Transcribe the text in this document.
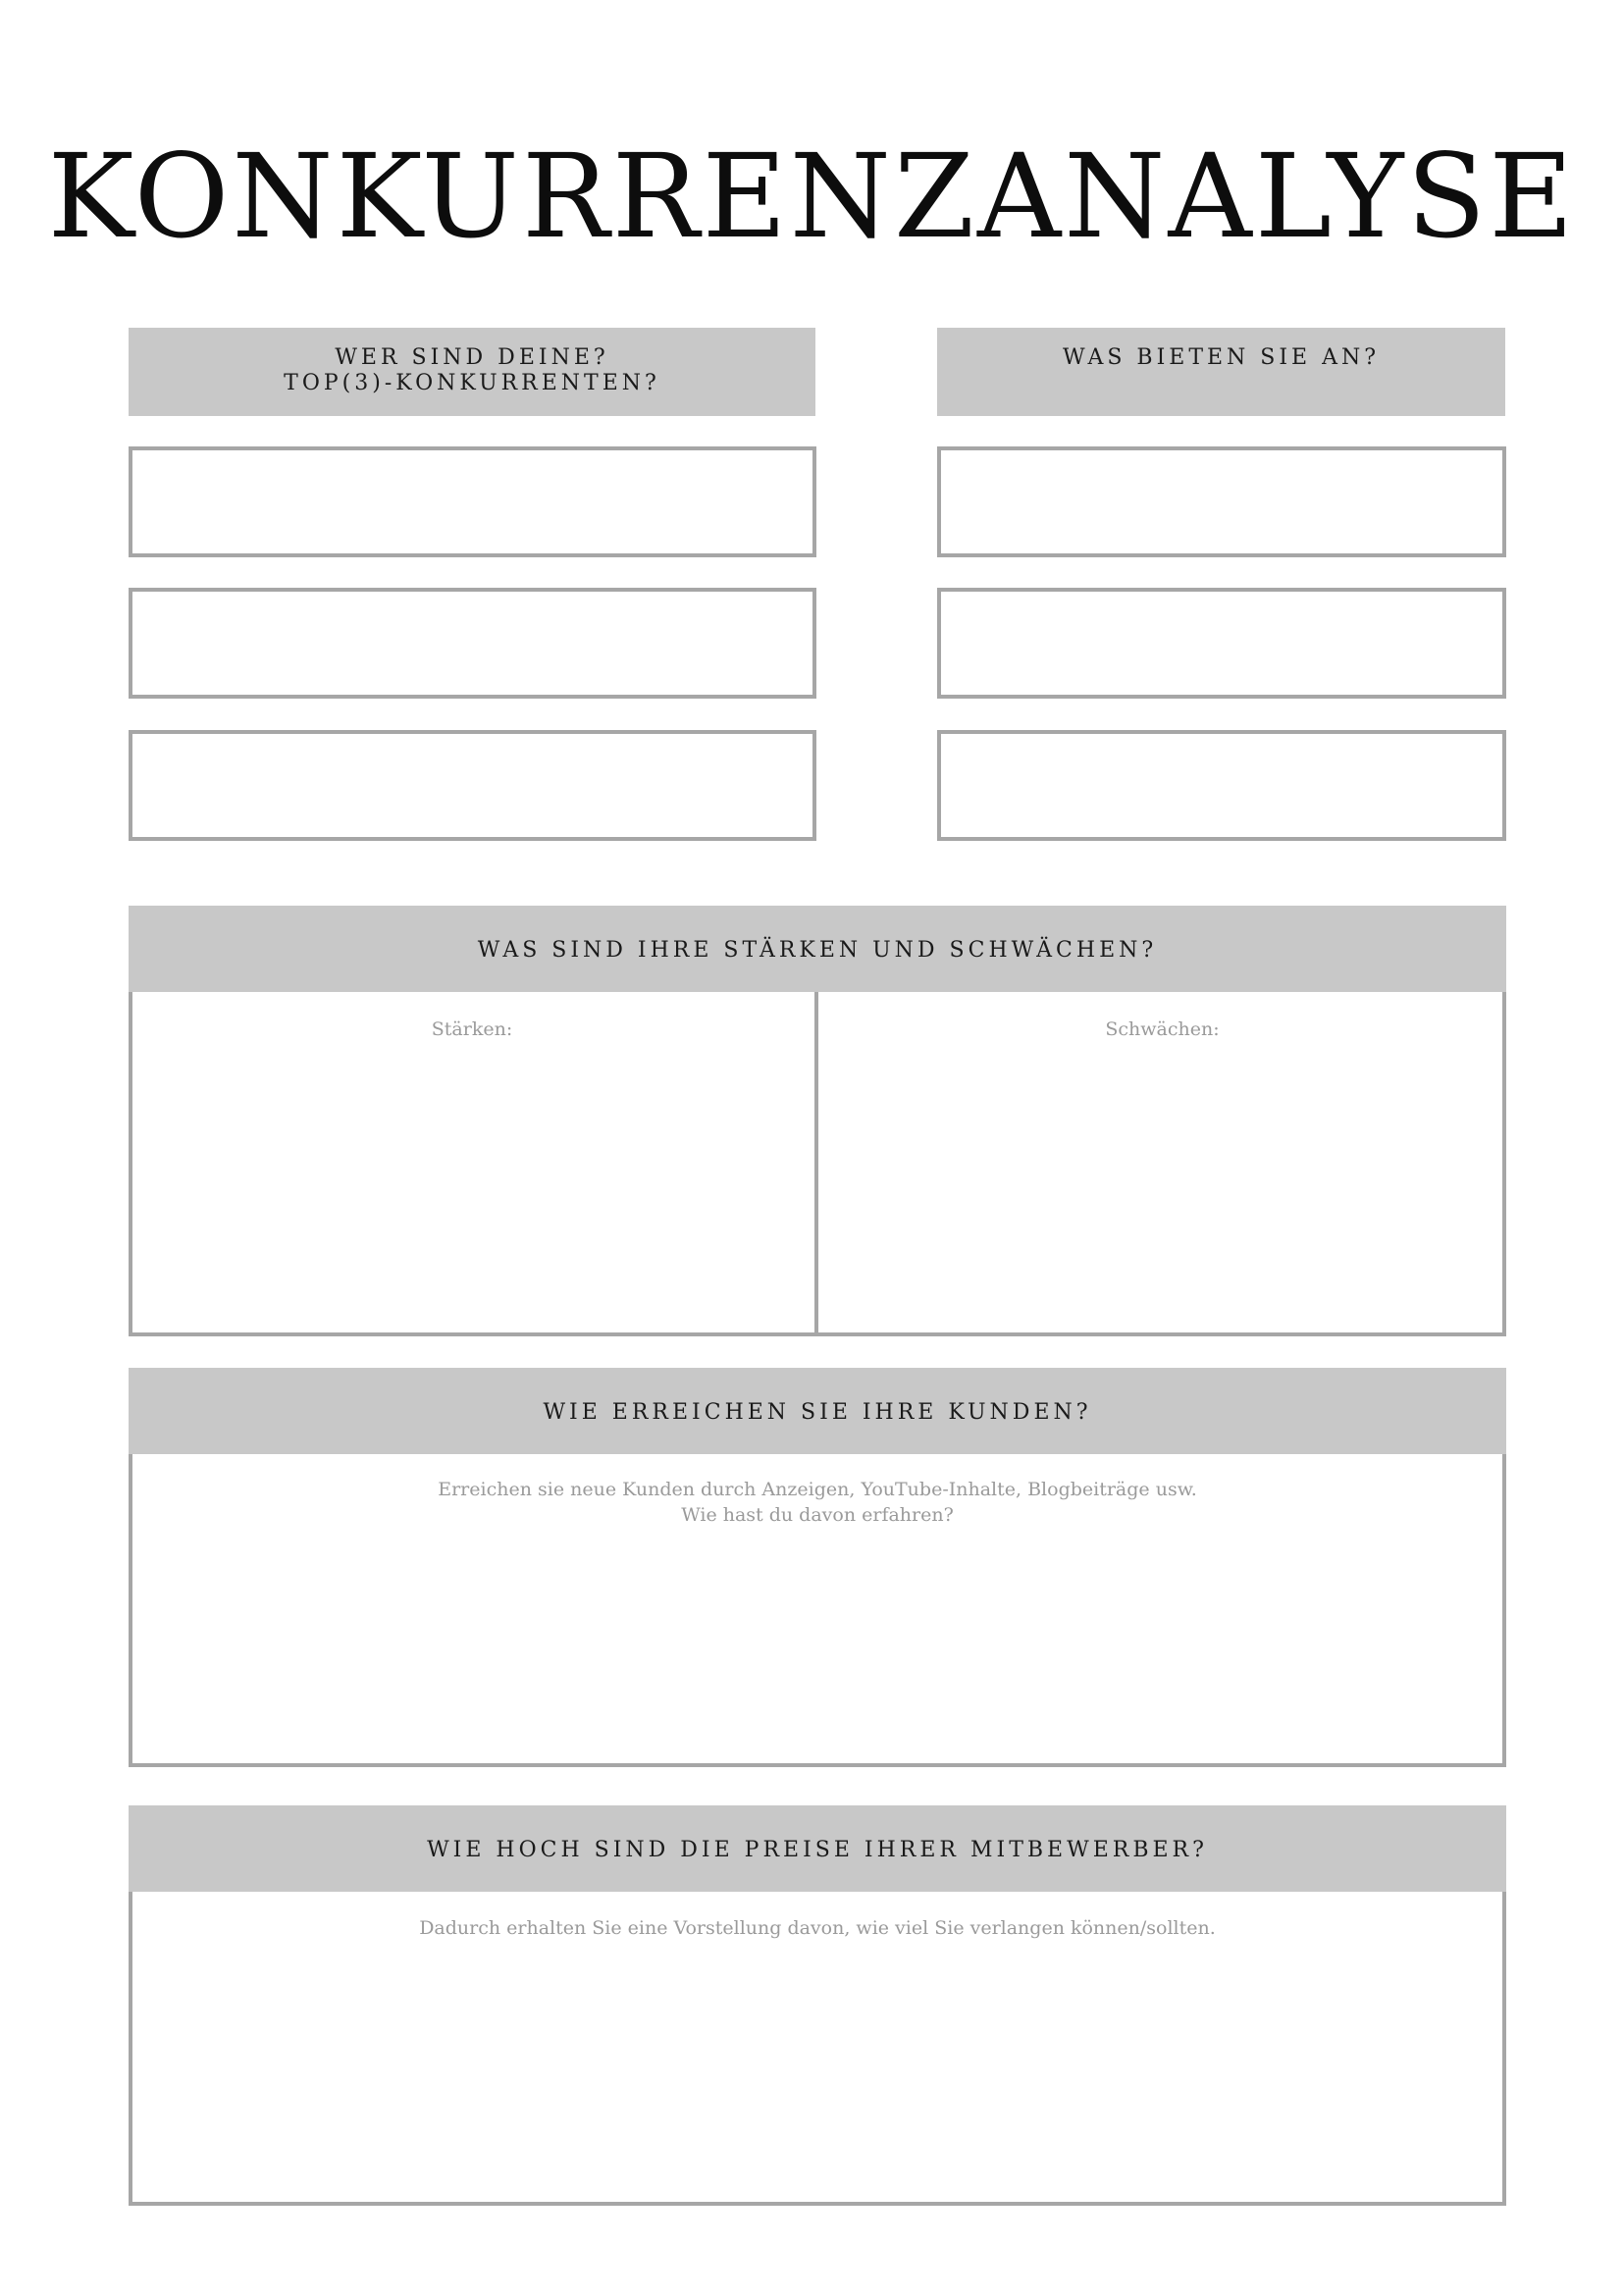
KONKURRENZANALYSE
WER SIND DEINE?
TOP(3)-KONKURRENTEN?
WAS BIETEN SIE AN?
WAS SIND IHRE STÄRKEN UND SCHWÄCHEN?
Stärken:	Schwächen:
WIE ERREICHEN SIE IHRE KUNDEN?
Erreichen sie neue Kunden durch Anzeigen, YouTube-Inhalte, Blogbeiträge usw.
Wie hast du davon erfahren?
WIE HOCH SIND DIE PREISE IHRER MITBEWERBER?
Dadurch erhalten Sie eine Vorstellung davon, wie viel Sie verlangen können/sollten.
